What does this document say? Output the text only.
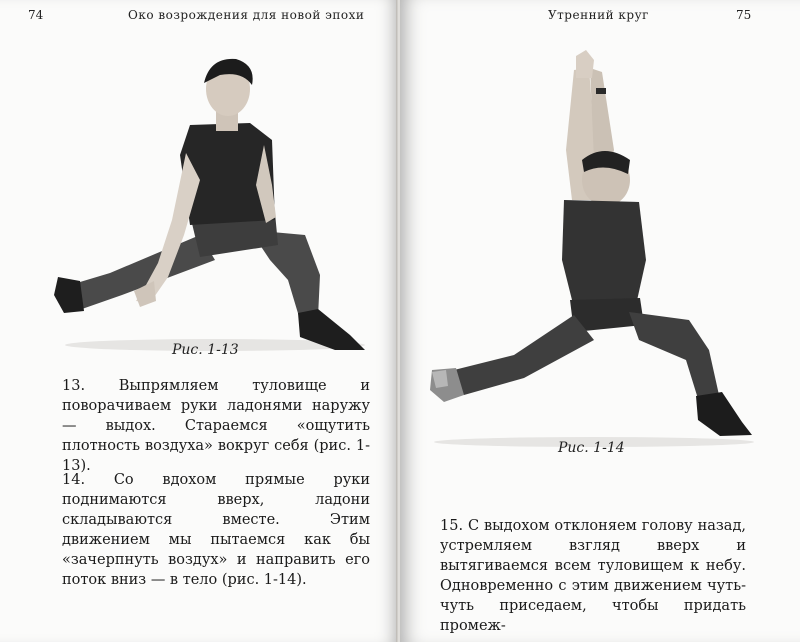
74	Око возрождения для новой эпохи
Рис. 1-13
13. Выпрямляем туловище и поворачиваем руки ладонями наружу — выдох. Стараемся «ощутить плотность воздуха» вокруг себя (рис. 1-13).
14. Со вдохом прямые руки поднимаются вверх, ладони складываются вместе. Этим движением мы пытаемся как бы «зачерпнуть воздух» и направить его поток вниз — в тело (рис. 1-14).
Утренний круг	75
Рис. 1-14
15. С выдохом отклоняем голову назад, устремляем взгляд вверх и вытягиваемся всем туловищем к небу. Одновременно с этим движением чуть-чуть приседаем, чтобы придать промеж-
